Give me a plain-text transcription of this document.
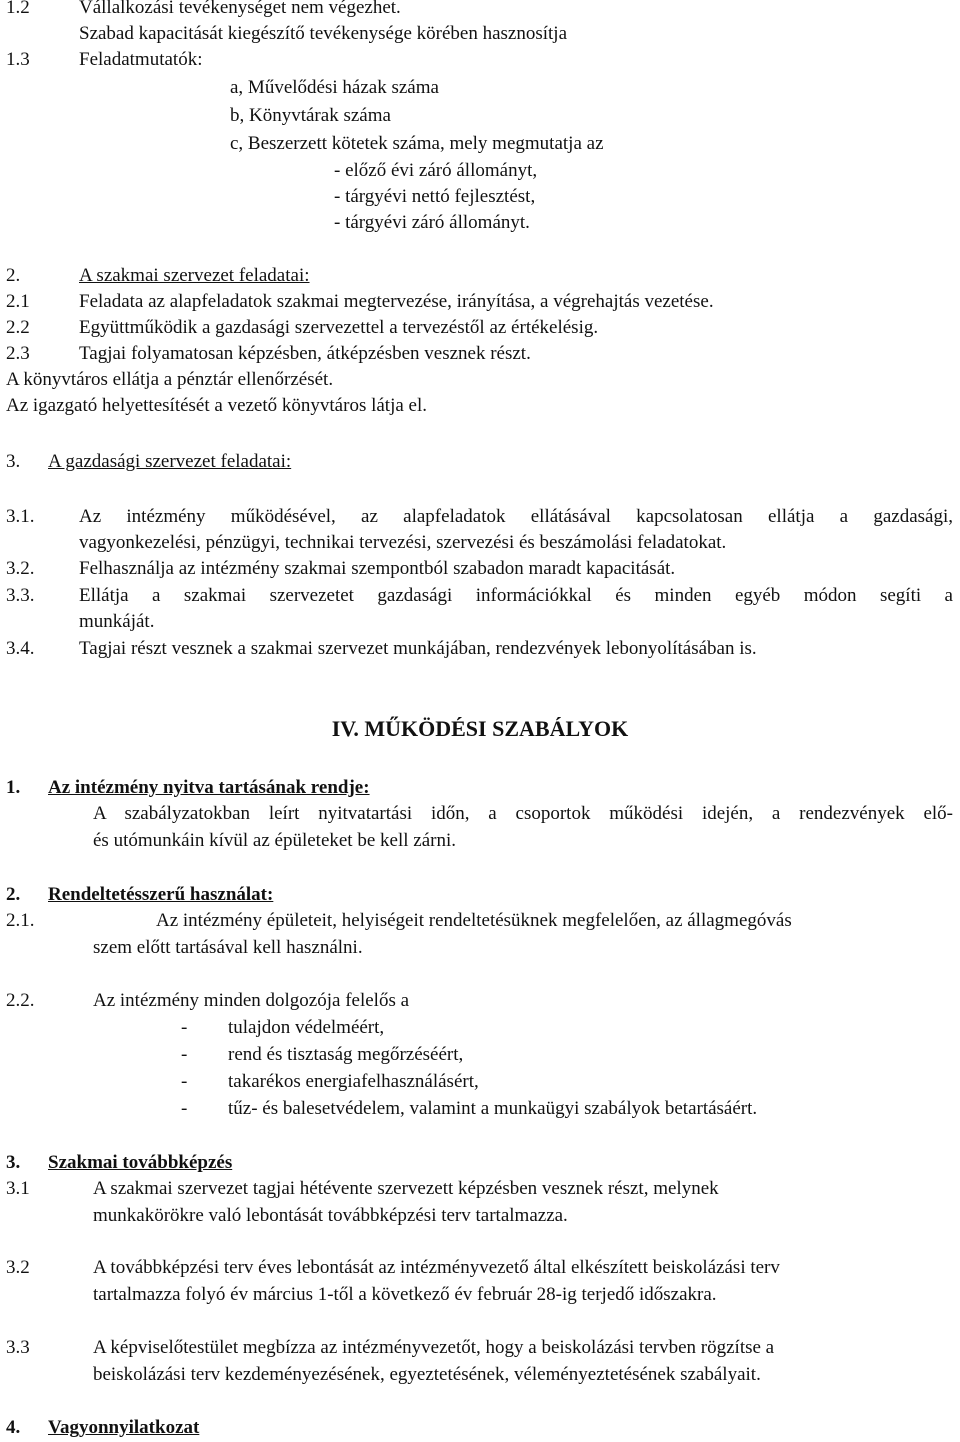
1.2	Vállalkozási tevékenységet nem végezhet.
Szabad kapacitását kiegészítő tevékenysége körében hasznosítja
1.3	Feladatmutatók:
a, Művelődési házak száma
b, Könyvtárak száma
c, Beszerzett kötetek száma, mely megmutatja az
- előző évi záró állományt,
- tárgyévi nettó fejlesztést,
- tárgyévi záró állományt.
2.	A szakmai szervezet feladatai:
2.1	Feladata az alapfeladatok szakmai megtervezése, irányítása, a végrehajtás vezetése.
2.2	Együttműködik a gazdasági szervezettel a tervezéstől az értékelésig.
2.3	Tagjai folyamatosan képzésben, átképzésben vesznek részt.
A könyvtáros ellátja a pénztár ellenőrzését.
Az igazgató helyettesítését a vezető könyvtáros látja el.
3. A gazdasági szervezet feladatai:
3.1. Az intézmény működésével, az alapfeladatok ellátásával kapcsolatosan ellátja a gazdasági,
vagyonkezelési, pénzügyi, technikai tervezési, szervezési és beszámolási feladatokat.
3.2. Felhasználja az intézmény szakmai szempontból szabadon maradt kapacitását.
3.3. Ellátja a szakmai szervezetet gazdasági információkkal és minden egyéb módon segíti a
munkáját.
3.4. Tagjai részt vesznek a szakmai szervezet munkájában, rendezvények lebonyolításában is.
IV. MŰKÖDÉSI SZABÁLYOK
1. Az intézmény nyitva tartásának rendje:
A szabályzatokban leírt nyitvatartási időn, a csoportok működési idején, a rendezvények elő-
és utómunkáin kívül az épületeket be kell zárni.
2. Rendeltetésszerű használat:
2.1.	Az intézmény épületeit, helyiségeit rendeltetésüknek megfelelően, az állagmegóvás
szem előtt tartásával kell használni.
2.2.	Az intézmény minden dolgozója felelős a
- tulajdon védelméért,
- rend és tisztaság megőrzéséért,
- takarékos energiafelhasználásért,
- tűz- és balesetvédelem, valamint a munkaügyi szabályok betartásáért.
3. Szakmai továbbképzés
3.1	A szakmai szervezet tagjai hétévente szervezett képzésben vesznek részt, melynek
munkakörökre való lebontását továbbképzési terv tartalmazza.
3.2	A továbbképzési terv éves lebontását az intézményvezető által elkészített beiskolázási terv
tartalmazza folyó év március 1-től a következő év február 28-ig terjedő időszakra.
3.3	A képviselőtestület megbízza az intézményvezetőt, hogy a beiskolázási tervben rögzítse a
beiskolázási terv kezdeményezésének, egyeztetésének, véleményeztetésének szabályait.
4. Vagyonnyilatkozat
